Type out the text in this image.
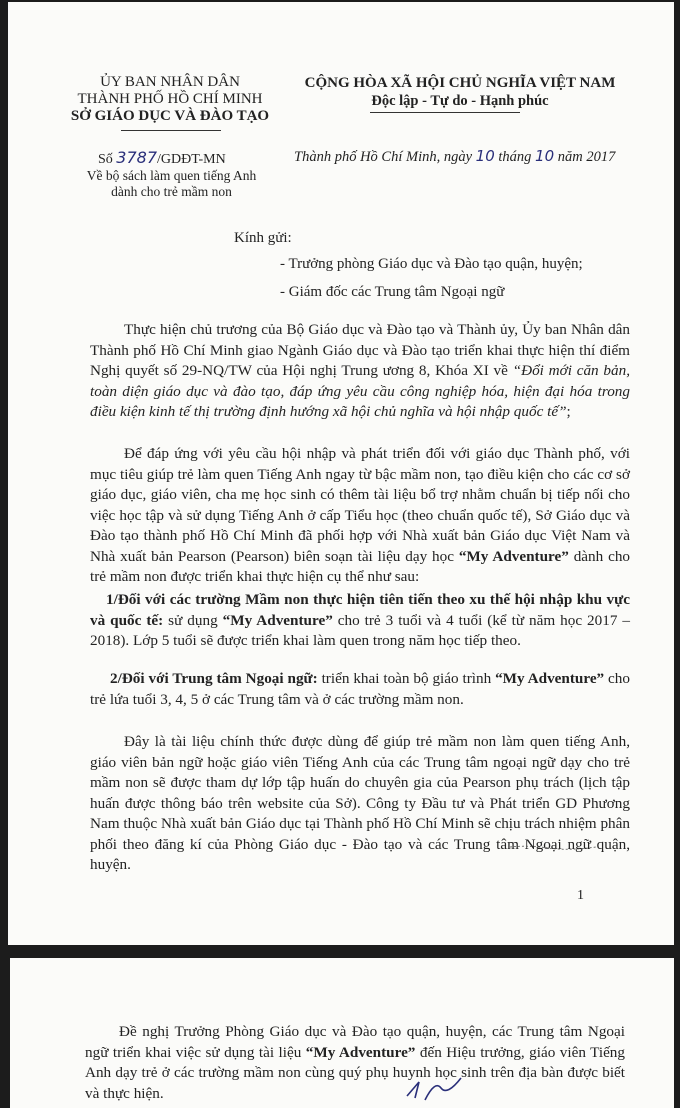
ỦY BAN NHÂN DÂN
THÀNH PHỐ HỒ CHÍ MINH
SỞ GIÁO DỤC VÀ ĐÀO TẠO
CỘNG HÒA XÃ HỘI CHỦ NGHĨA VIỆT NAM
Độc lập - Tự do - Hạnh phúc
Số 3787/GDĐT-MN
Về bộ sách làm quen tiếng Anh dành cho trẻ mầm non
Thành phố Hồ Chí Minh, ngày 10 tháng 10 năm 2017
Kính gửi:
- Trưởng phòng Giáo dục và Đào tạo quận, huyện;
- Giám đốc các Trung tâm Ngoại ngữ

Thực hiện chủ trương của Bộ Giáo dục và Đào tạo và Thành ủy, Ủy ban Nhân dân Thành phố Hồ Chí Minh giao Ngành Giáo dục và Đào tạo triển khai thực hiện thí điểm Nghị quyết số 29-NQ/TW của Hội nghị Trung ương 8, Khóa XI về “Đổi mới căn bản, toàn diện giáo dục và đào tạo, đáp ứng yêu cầu công nghiệp hóa, hiện đại hóa trong điều kiện kinh tế thị trường định hướng xã hội chủ nghĩa và hội nhập quốc tế”;

Để đáp ứng với yêu cầu hội nhập và phát triển đối với giáo dục Thành phố, với mục tiêu giúp trẻ làm quen Tiếng Anh ngay từ bậc mầm non, tạo điều kiện cho các cơ sở giáo dục, giáo viên, cha mẹ học sinh có thêm tài liệu bổ trợ nhằm chuẩn bị tiếp nối cho việc học tập và sử dụng Tiếng Anh ở cấp Tiểu học (theo chuẩn quốc tế), Sở Giáo dục và Đào tạo thành phố Hồ Chí Minh đã phối hợp với Nhà xuất bản Giáo dục Việt Nam và Nhà xuất bản Pearson (Pearson) biên soạn tài liệu dạy học “My Adventure” dành cho trẻ mầm non được triển khai thực hiện cụ thể như sau:

1/Đối với các trường Mầm non thực hiện tiên tiến theo xu thế hội nhập khu vực và quốc tế: sử dụng “My Adventure” cho trẻ 3 tuổi và 4 tuổi (kể từ năm học 2017 – 2018). Lớp 5 tuổi sẽ được triển khai làm quen trong năm học tiếp theo.

2/Đối với Trung tâm Ngoại ngữ: triển khai toàn bộ giáo trình “My Adventure” cho trẻ lứa tuổi 3, 4, 5 ở các Trung tâm và ở các trường mầm non.

Đây là tài liệu chính thức được dùng để giúp trẻ mầm non làm quen tiếng Anh, giáo viên bản ngữ hoặc giáo viên Tiếng Anh của các Trung tâm ngoại ngữ dạy cho trẻ mầm non sẽ được tham dự lớp tập huấn do chuyên gia của Pearson phụ trách (lịch tập huấn được thông báo trên website của Sở). Công ty Đầu tư và Phát triển GD Phương Nam thuộc Nhà xuất bản Giáo dục tại Thành phố Hồ Chí Minh sẽ chịu trách nhiệm phân phối theo đăng kí của Phòng Giáo dục - Đào tạo và các Trung tâm Ngoại ngữ quận, huyện.

1

Đề nghị Trưởng Phòng Giáo dục và Đào tạo quận, huyện, các Trung tâm Ngoại ngữ triển khai việc sử dụng tài liệu “My Adventure” đến Hiệu trưởng, giáo viên Tiếng Anh dạy trẻ ở các trường mầm non cùng quý phụ huynh học sinh trên địa bàn được biết và thực hiện.
